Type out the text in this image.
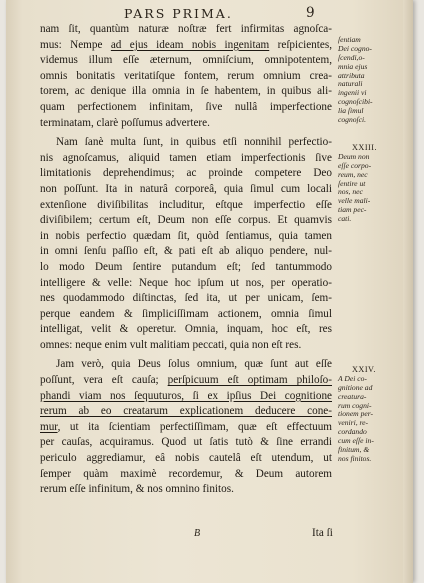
PARS PRIMA.	9
nam ſit, quantùm naturæ noſtræ fert infirmitas agnoſca-
mus: Nempe ad ejus ideam nobis ingenitam reſpicientes,
videmus illum eſſe æternum, omniſcium, omnipotentem,
omnis bonitatis veritatiſque fontem, rerum omnium crea-
torem, ac denique illa omnia in ſe habentem, in quibus ali-
quam perfectionem infinitam, ſive nullâ imperfectione
terminatam, clarè poſſumus advertere.
Nam ſanè multa ſunt, in quibus etſi nonnihil perfectio-
nis agnoſcamus, aliquid tamen etiam imperfectionis ſive
limitationis deprehendimus; ac proinde competere Deo
non poſſunt. Ita in naturâ corporeâ, quia ſimul cum locali
extenſione diviſibilitas includitur, eſtque imperfectio eſſe
diviſibilem; certum eſt, Deum non eſſe corpus. Et quamvis
in nobis perfectio quædam ſit, quòd ſentiamus, quia tamen
in omni ſenſu paſſio eſt, & pati eſt ab aliquo pendere, nul-
lo modo Deum ſentire putandum eſt; ſed tantummodo
intelligere & velle: Neque hoc ipſum ut nos, per operatio-
nes quodammodo diſtinctas, ſed ita, ut per unicam, ſem-
perque eandem & ſimpliciſſimam actionem, omnia ſimul
intelligat, velit & operetur. Omnia, inquam, hoc eſt, res
omnes: neque enim vult malitiam peccati, quia non eſt res.
Jam verò, quia Deus ſolus omnium, quæ ſunt aut eſſe
poſſunt, vera eſt cauſa; perſpicuum eſt optimam philoſo-
phandi viam nos ſequuturos, ſi ex ipſius Dei cognitione
rerum ab eo creatarum explicationem deducere cone-
mur, ut ita ſcientiam perfectiſſimam, quæ eſt effectuum
per cauſas, acquiramus. Quod ut ſatis tutò & ſine errandi
periculo aggrediamur, eâ nobis cautelâ eſt utendum, ut
ſemper quàm maximè recordemur, & Deum autorem
rerum eſſe infinitum, & nos omnino finitos.
ſentiam
Dei cogno-
ſcendi,o-
mnia ejus
attributa
naturali
ingenii vi
cognoſcibi-
lia ſimul
cognoſci.
XXIII.
Deum non
eſſe corpo-
reum, nec
ſentire ut
nos, nec
velle mali-
tiam pec-
cati.
XXIV.
A Dei co-
gnitione ad
creatura-
rum cogni-
tionem per-
veniri, re-
cordando
cum eſſe in-
finitum, &
nos finitos.
B	Ita ſi
